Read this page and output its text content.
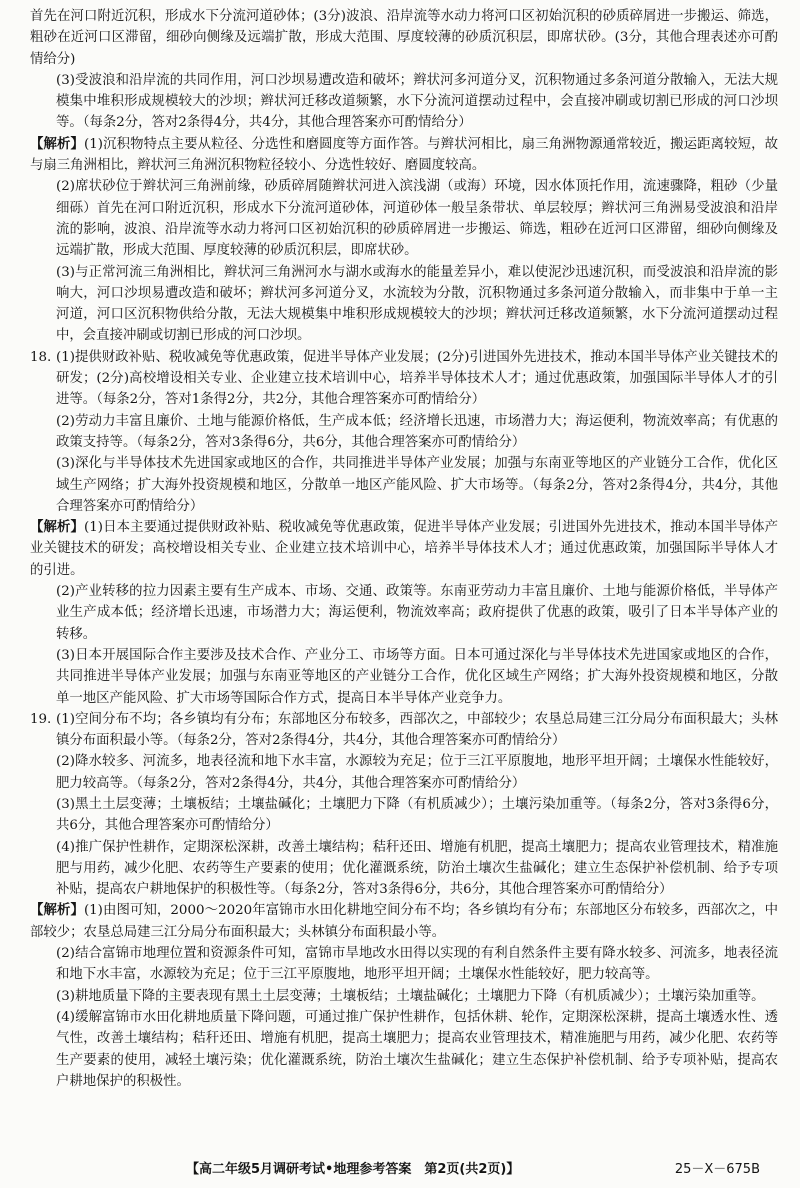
首先在河口附近沉积，形成水下分流河道砂体；(3分)波浪、沿岸流等水动力将河口区初始沉积的砂质碎屑进一步搬运、筛选，粗砂在近河口区滞留，细砂向侧缘及远端扩散，形成大范围、厚度较薄的砂质沉积层，即席状砂。(3分，其他合理表述亦可酌情给分)

(3)受波浪和沿岸流的共同作用，河口沙坝易遭改造和破坏；辫状河多河道分叉，沉积物通过多条河道分散输入，无法大规模集中堆积形成规模较大的沙坝；辫状河迁移改道频繁，水下分流河道摆动过程中，会直接冲刷或切割已形成的河口沙坝等。（每条2分，答对2条得4分，共4分，其他合理答案亦可酌情给分）

【解析】(1)沉积物特点主要从粒径、分选性和磨圆度等方面作答。与辫状河相比，扇三角洲物源通常较近，搬运距离较短，故与扇三角洲相比，辫状河三角洲沉积物粒径较小、分选性较好、磨圆度较高。

(2)席状砂位于辫状河三角洲前缘，砂质碎屑随辫状河进入滨浅湖（或海）环境，因水体顶托作用，流速骤降，粗砂（少量细砾）首先在河口附近沉积，形成水下分流河道砂体，河道砂体一般呈条带状、单层较厚；辫状河三角洲易受波浪和沿岸流的影响，波浪、沿岸流等水动力将河口区初始沉积的砂质碎屑进一步搬运、筛选，粗砂在近河口区滞留，细砂向侧缘及远端扩散，形成大范围、厚度较薄的砂质沉积层，即席状砂。

(3)与正常河流三角洲相比，辫状河三角洲河水与湖水或海水的能量差异小，难以使泥沙迅速沉积，而受波浪和沿岸流的影响大，河口沙坝易遭改造和破坏；辫状河多河道分叉，水流较为分散，沉积物通过多条河道分散输入，而非集中于单一主河道，河口区沉积物供给分散，无法大规模集中堆积形成规模较大的沙坝；辫状河迁移改道频繁，水下分流河道摆动过程中，会直接冲刷或切割已形成的河口沙坝。

18. (1)提供财政补贴、税收减免等优惠政策，促进半导体产业发展；(2分)引进国外先进技术，推动本国半导体产业关键技术的研发；(2分)高校增设相关专业、企业建立技术培训中心，培养半导体技术人才；通过优惠政策，加强国际半导体人才的引进等。（每条2分，答对1条得2分，共2分，其他合理答案亦可酌情给分）

(2)劳动力丰富且廉价、土地与能源价格低，生产成本低；经济增长迅速，市场潜力大；海运便利，物流效率高；有优惠的政策支持等。（每条2分，答对3条得6分，共6分，其他合理答案亦可酌情给分）

(3)深化与半导体技术先进国家或地区的合作，共同推进半导体产业发展；加强与东南亚等地区的产业链分工合作，优化区域生产网络；扩大海外投资规模和地区，分散单一地区产能风险、扩大市场等。（每条2分，答对2条得4分，共4分，其他合理答案亦可酌情给分）

【解析】(1)日本主要通过提供财政补贴、税收减免等优惠政策，促进半导体产业发展；引进国外先进技术，推动本国半导体产业关键技术的研发；高校增设相关专业、企业建立技术培训中心，培养半导体技术人才；通过优惠政策，加强国际半导体人才的引进。

(2)产业转移的拉力因素主要有生产成本、市场、交通、政策等。东南亚劳动力丰富且廉价、土地与能源价格低，半导体产业生产成本低；经济增长迅速，市场潜力大；海运便利，物流效率高；政府提供了优惠的政策，吸引了日本半导体产业的转移。

(3)日本开展国际合作主要涉及技术合作、产业分工、市场等方面。日本可通过深化与半导体技术先进国家或地区的合作，共同推进半导体产业发展；加强与东南亚等地区的产业链分工合作，优化区域生产网络；扩大海外投资规模和地区，分散单一地区产能风险、扩大市场等国际合作方式，提高日本半导体产业竞争力。

19. (1)空间分布不均；各乡镇均有分布；东部地区分布较多，西部次之，中部较少；农垦总局建三江分局分布面积最大；头林镇分布面积最小等。（每条2分，答对2条得4分，共4分，其他合理答案亦可酌情给分）

(2)降水较多、河流多，地表径流和地下水丰富，水源较为充足；位于三江平原腹地，地形平坦开阔；土壤保水性能较好，肥力较高等。（每条2分，答对2条得4分，共4分，其他合理答案亦可酌情给分）

(3)黑土土层变薄；土壤板结；土壤盐碱化；土壤肥力下降（有机质减少）；土壤污染加重等。（每条2分，答对3条得6分，共6分，其他合理答案亦可酌情给分）

(4)推广保护性耕作，定期深松深耕，改善土壤结构；秸秆还田、增施有机肥，提高土壤肥力；提高农业管理技术，精准施肥与用药，减少化肥、农药等生产要素的使用；优化灌溉系统，防治土壤次生盐碱化；建立生态保护补偿机制、给予专项补贴，提高农户耕地保护的积极性等。（每条2分，答对3条得6分，共6分，其他合理答案亦可酌情给分）

【解析】(1)由图可知，2000～2020年富锦市水田化耕地空间分布不均；各乡镇均有分布；东部地区分布较多，西部次之，中部较少；农垦总局建三江分局分布面积最大；头林镇分布面积最小等。

(2)结合富锦市地理位置和资源条件可知，富锦市旱地改水田得以实现的有利自然条件主要有降水较多、河流多，地表径流和地下水丰富，水源较为充足；位于三江平原腹地，地形平坦开阔；土壤保水性能较好，肥力较高等。

(3)耕地质量下降的主要表现有黑土土层变薄；土壤板结；土壤盐碱化；土壤肥力下降（有机质减少）；土壤污染加重等。

(4)缓解富锦市水田化耕地质量下降问题，可通过推广保护性耕作，包括休耕、轮作，定期深松深耕，提高土壤透水性、透气性，改善土壤结构；秸秆还田、增施有机肥，提高土壤肥力；提高农业管理技术，精准施肥与用药，减少化肥、农药等生产要素的使用，减轻土壤污染；优化灌溉系统，防治土壤次生盐碱化；建立生态保护补偿机制、给予专项补贴，提高农户耕地保护的积极性。

【高二年级5月调研考试•地理参考答案　第2页(共2页)】	25－X－675B
